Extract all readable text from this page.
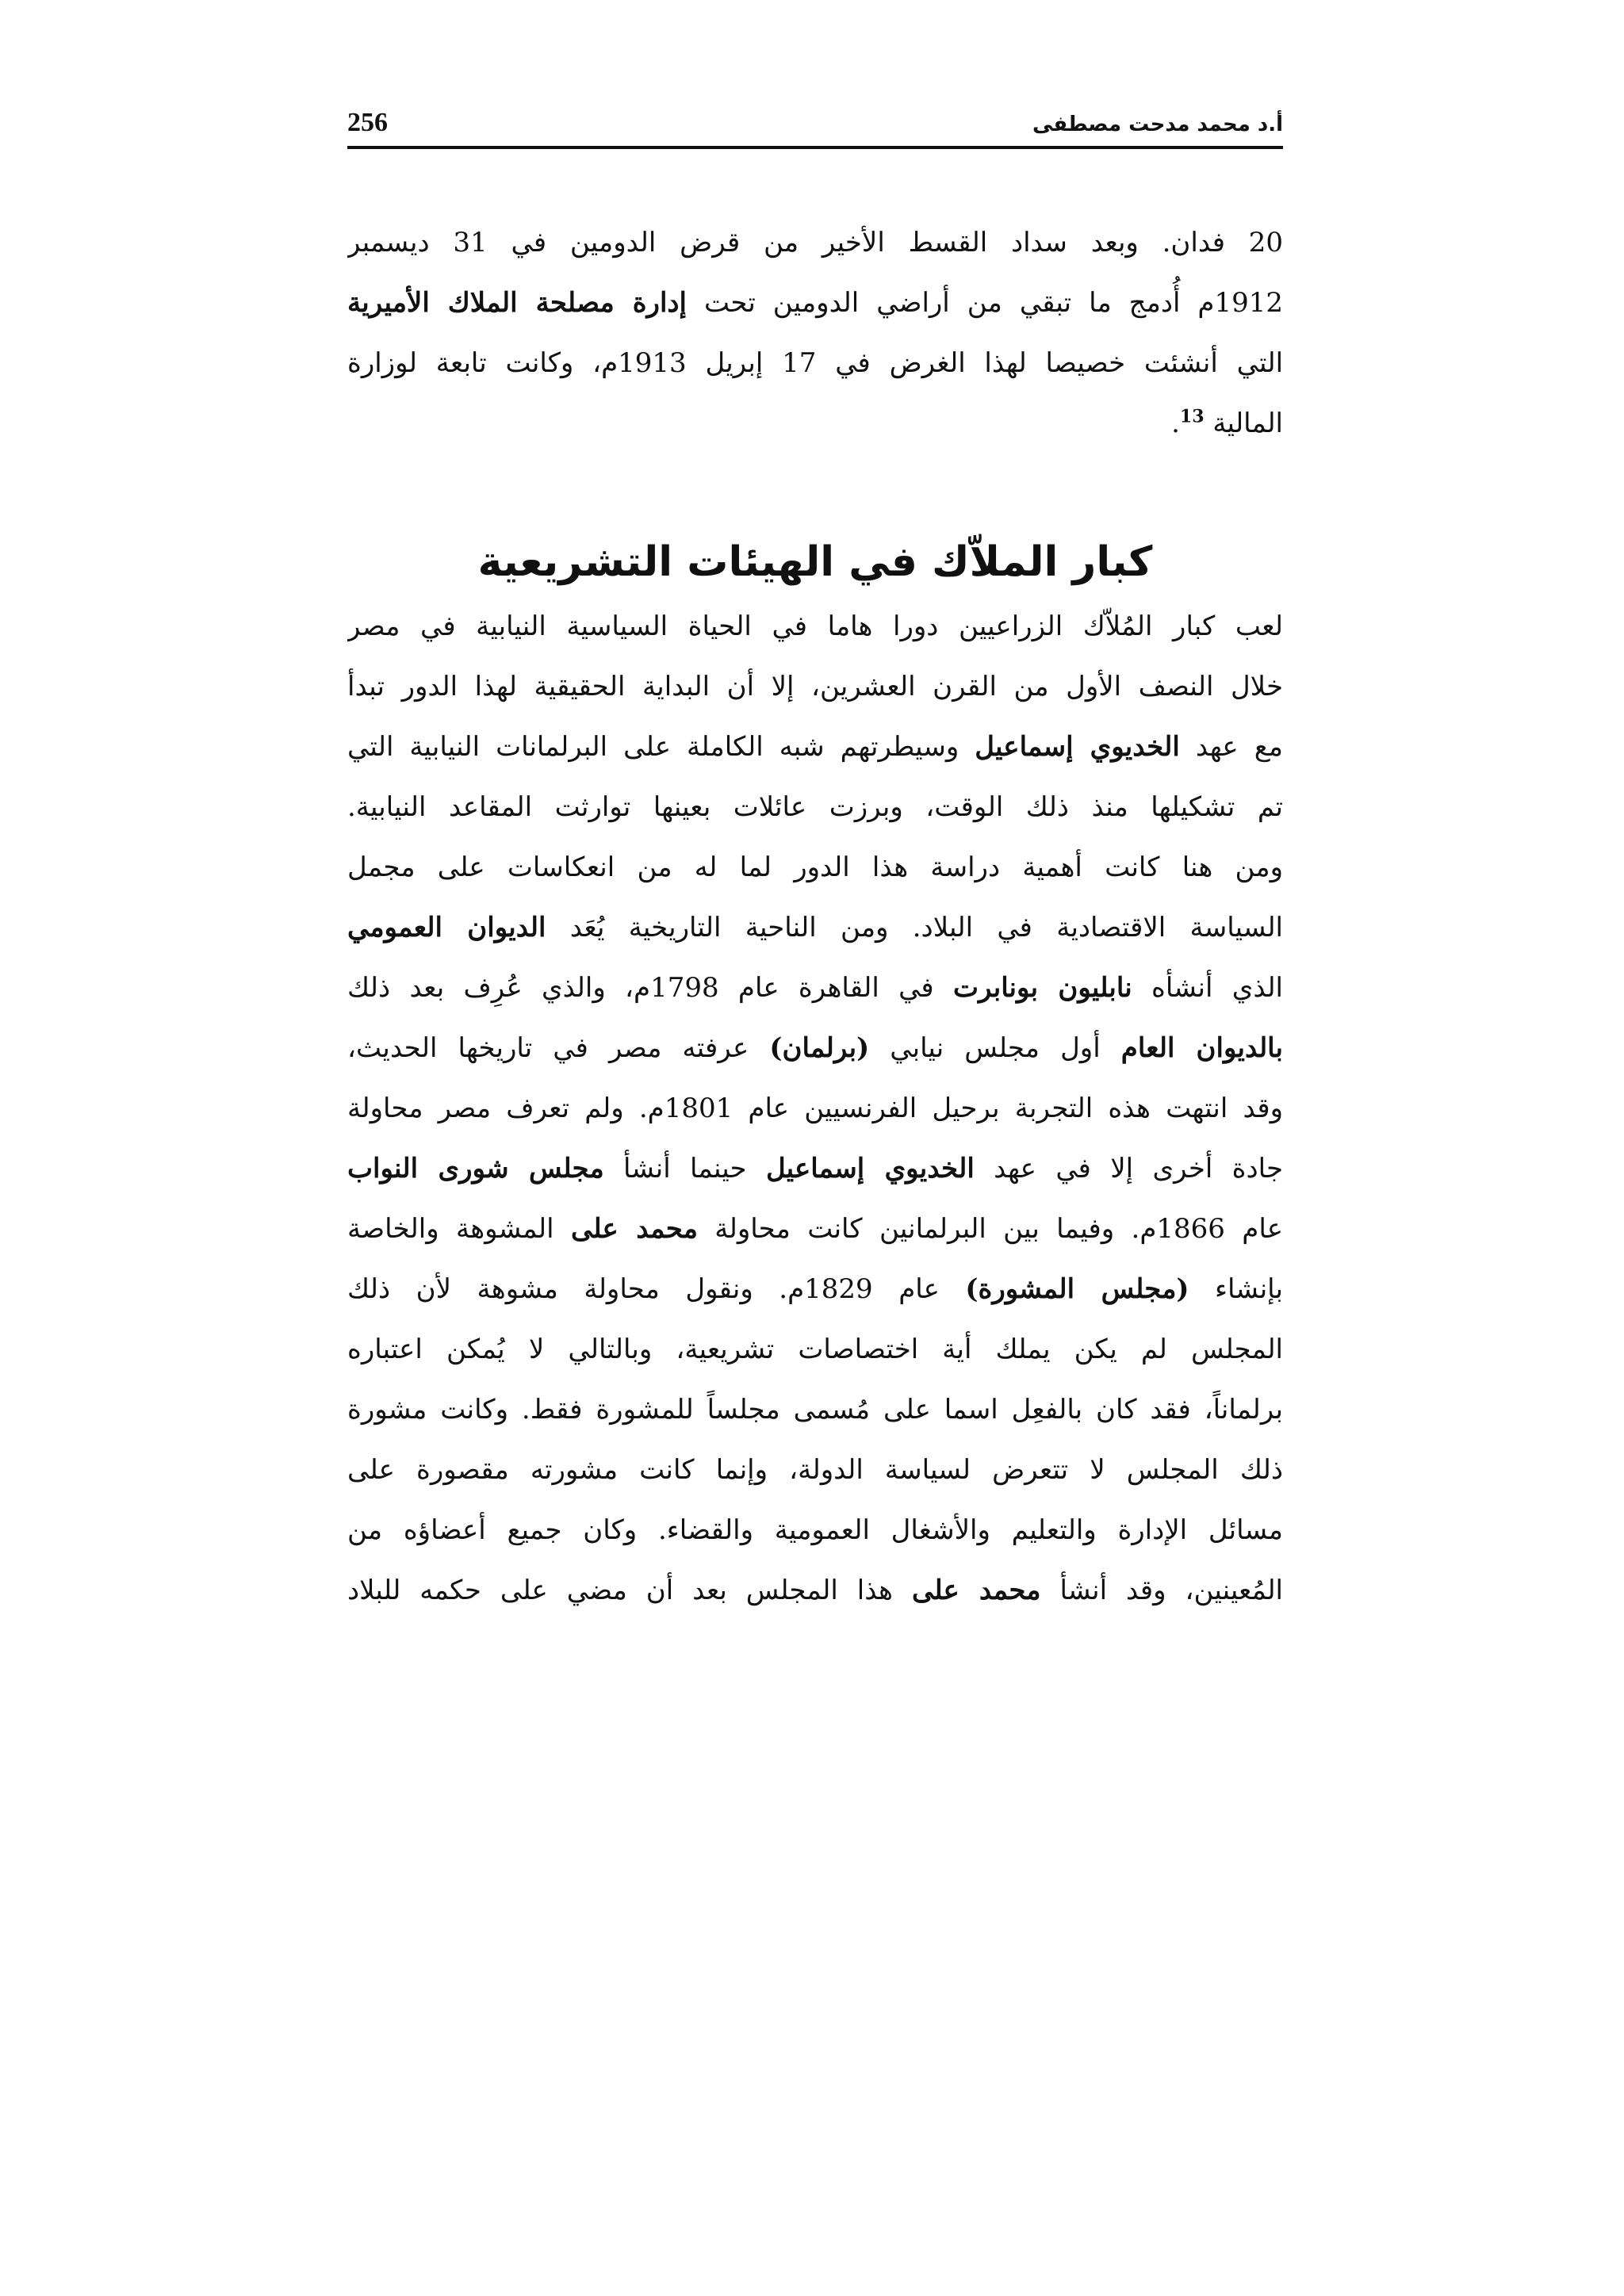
أ.د محمد مدحت مصطفى
256
20 فدان. وبعد سداد القسط الأخير من قرض الدومين في 31 ديسمبر
1912م أُدمج ما تبقي من أراضي الدومين تحت إدارة مصلحة الملاك الأميرية
التي أنشئت خصيصا لهذا الغرض في 17 إبريل 1913م، وكانت تابعة لوزارة
المالية $^{13}$.
كبار الملاّك في الهيئات التشريعية
لعب كبار المُلاّك الزراعيين دورا هاما في الحياة السياسية النيابية في مصر
خلال النصف الأول من القرن العشرين، إلا أن البداية الحقيقية لهذا الدور تبدأ
مع عهد الخديوي إسماعيل وسيطرتهم شبه الكاملة على البرلمانات النيابية التي
تم تشكيلها منذ ذلك الوقت، وبرزت عائلات بعينها توارثت المقاعد النيابية.
ومن هنا كانت أهمية دراسة هذا الدور لما له من انعكاسات على مجمل
السياسة الاقتصادية في البلاد. ومن الناحية التاريخية يُعَد الديوان العمومي
الذي أنشأه نابليون بونابرت في القاهرة عام 1798م، والذي عُرِف بعد ذلك
بالديوان العام أول مجلس نيابي (برلمان) عرفته مصر في تاريخها الحديث،
وقد انتهت هذه التجربة برحيل الفرنسيين عام 1801م. ولم تعرف مصر محاولة
جادة أخرى إلا في عهد الخديوي إسماعيل حينما أنشأ مجلس شورى النواب
عام 1866م. وفيما بين البرلمانين كانت محاولة محمد على المشوهة والخاصة
بإنشاء (مجلس المشورة) عام 1829م. ونقول محاولة مشوهة لأن ذلك
المجلس لم يكن يملك أية اختصاصات تشريعية، وبالتالي لا يُمكن اعتباره
برلماناً، فقد كان بالفعِل اسما على مُسمى مجلساً للمشورة فقط. وكانت مشورة
ذلك المجلس لا تتعرض لسياسة الدولة، وإنما كانت مشورته مقصورة على
مسائل الإدارة والتعليم والأشغال العمومية والقضاء. وكان جميع أعضاؤه من
المُعينين، وقد أنشأ محمد على هذا المجلس بعد أن مضي على حكمه للبلاد
